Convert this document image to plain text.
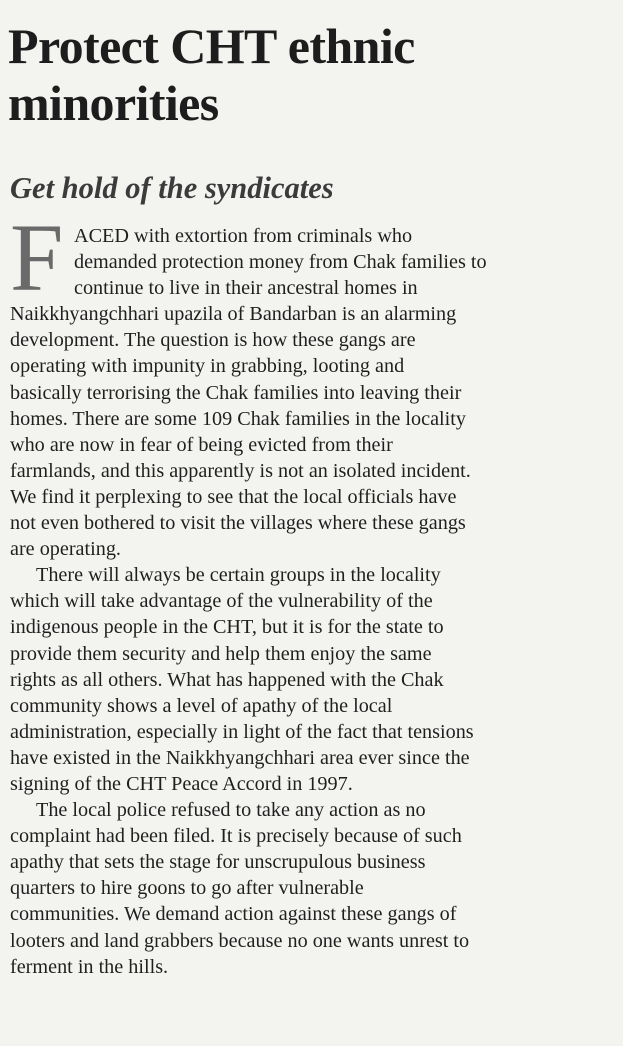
Protect CHT ethnic
minorities
Get hold of the syndicates
F ACED with extortion from criminals who
demanded protection money from Chak families to
continue to live in their ancestral homes in
Naikkhyangchhari upazila of Bandarban is an alarming
development. The question is how these gangs are
operating with impunity in grabbing, looting and
basically terrorising the Chak families into leaving their
homes. There are some 109 Chak families in the locality
who are now in fear of being evicted from their
farmlands, and this apparently is not an isolated incident.
We find it perplexing to see that the local officials have
not even bothered to visit the villages where these gangs
are operating.
There will always be certain groups in the locality
which will take advantage of the vulnerability of the
indigenous people in the CHT, but it is for the state to
provide them security and help them enjoy the same
rights as all others. What has happened with the Chak
community shows a level of apathy of the local
administration, especially in light of the fact that tensions
have existed in the Naikkhyangchhari area ever since the
signing of the CHT Peace Accord in 1997.
The local police refused to take any action as no
complaint had been filed. It is precisely because of such
apathy that sets the stage for unscrupulous business
quarters to hire goons to go after vulnerable
communities. We demand action against these gangs of
looters and land grabbers because no one wants unrest to
ferment in the hills.
